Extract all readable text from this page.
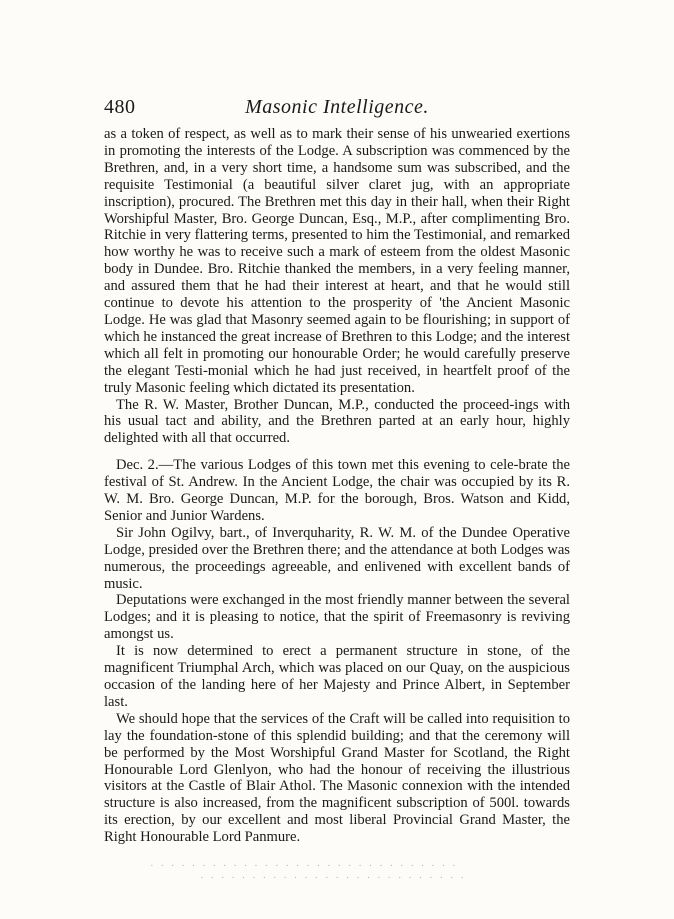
480	Masonic Intelligence.

as a token of respect, as well as to mark their sense of his unwearied exertions in promoting the interests of the Lodge. A subscription was commenced by the Brethren, and, in a very short time, a handsome sum was subscribed, and the requisite Testimonial (a beautiful silver claret jug, with an appropriate inscription), procured. The Brethren met this day in their hall, when their Right Worshipful Master, Bro. George Duncan, Esq., M.P., after complimenting Bro. Ritchie in very flattering terms, presented to him the Testimonial, and remarked how worthy he was to receive such a mark of esteem from the oldest Masonic body in Dundee. Bro. Ritchie thanked the members, in a very feeling manner, and assured them that he had their interest at heart, and that he would still continue to devote his attention to the prosperity of 'the Ancient Masonic Lodge. He was glad that Masonry seemed again to be flourishing; in support of which he instanced the great increase of Brethren to this Lodge; and the interest which all felt in promoting our honourable Order; he would carefully preserve the elegant Testi-monial which he had just received, in heartfelt proof of the truly Masonic feeling which dictated its presentation.

The R. W. Master, Brother Duncan, M.P., conducted the proceed-ings with his usual tact and ability, and the Brethren parted at an early hour, highly delighted with all that occurred.

Dec. 2.—The various Lodges of this town met this evening to cele-brate the festival of St. Andrew. In the Ancient Lodge, the chair was occupied by its R. W. M. Bro. George Duncan, M.P. for the borough, Bros. Watson and Kidd, Senior and Junior Wardens.

Sir John Ogilvy, bart., of Inverquharity, R. W. M. of the Dundee Operative Lodge, presided over the Brethren there; and the attendance at both Lodges was numerous, the proceedings agreeable, and enlivened with excellent bands of music.

Deputations were exchanged in the most friendly manner between the several Lodges; and it is pleasing to notice, that the spirit of Freemasonry is reviving amongst us.

It is now determined to erect a permanent structure in stone, of the magnificent Triumphal Arch, which was placed on our Quay, on the auspicious occasion of the landing here of her Majesty and Prince Albert, in September last.

We should hope that the services of the Craft will be called into requisition to lay the foundation-stone of this splendid building; and that the ceremony will be performed by the Most Worshipful Grand Master for Scotland, the Right Honourable Lord Glenlyon, who had the honour of receiving the illustrious visitors at the Castle of Blair Athol. The Masonic connexion with the intended structure is also increased, from the magnificent subscription of 500l. towards its erection, by our excellent and most liberal Provincial Grand Master, the Right Honourable Lord Panmure.

· · · · · · · · · · · · · · · · · · · · · · · · · · · · · ·
· · · · · · · · · · · · · · · · · · · · · · · · · ·
